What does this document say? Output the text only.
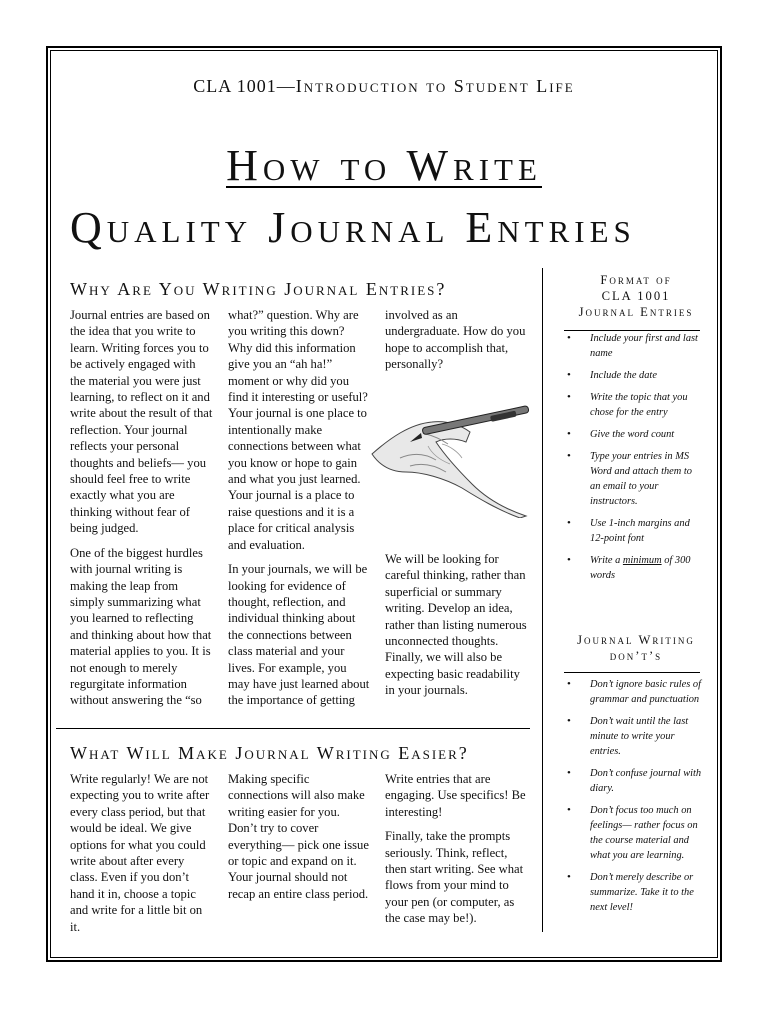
CLA 1001—Introduction to Student Life
How to Write
Quality Journal Entries
Why Are You Writing Journal Entries?

Journal entries are based on the idea that you write to learn. Writing forces you to be actively engaged with the material you were just learning, to reflect on it and write about the result of that reflection. Your journal reflects your personal thoughts and beliefs— you should feel free to write exactly what you are thinking without fear of being judged.

One of the biggest hurdles with journal writing is making the leap from simply summarizing what you learned to reflecting and thinking about how that material applies to you. It is not enough to merely regurgitate information without answering the “so

what?” question. Why are you writing this down? Why did this information give you an “ah ha!” moment or why did you find it interesting or useful? Your journal is one place to intentionally make connections between what you know or hope to gain and what you just learned. Your journal is a place to raise questions and it is a place for critical analysis and evaluation.

In your journals, we will be looking for evidence of thought, reflection, and individual thinking about the connections between class material and your lives. For example, you may have just learned about the importance of getting

involved as an undergraduate. How do you hope to accomplish that, personally?

We will be looking for careful thinking, rather than superficial or summary writing. Develop an idea, rather than listing numerous unconnected thoughts. Finally, we will also be expecting basic readability in your journals.

What Will Make Journal Writing Easier?

Write regularly! We are not expecting you to write after every class period, but that would be ideal. We give options for what you could write about after every class. Even if you don’t hand it in, choose a topic and write for a little bit on it.

Making specific connections will also make writing easier for you. Don’t try to cover everything— pick one issue or topic and expand on it. Your journal should not recap an entire class period.

Write entries that are engaging. Use specifics! Be interesting!

Finally, take the prompts seriously. Think, reflect, then start writing. See what flows from your mind to your pen (or computer, as the case may be!).

Format of
CLA 1001
Journal Entries
• Include your first and last name
• Include the date
• Write the topic that you chose for the entry
• Give the word count
• Type your entries in MS Word and attach them to an email to your instructors.
• Use 1-inch margins and 12-point font
• Write a minimum of 300 words
Journal Writing
don’t’s
• Don’t ignore basic rules of grammar and punctuation
• Don’t wait until the last minute to write your entries.
• Don’t confuse journal with diary.
• Don’t focus too much on feelings— rather focus on the course material and what you are learning.
• Don’t merely describe or summarize. Take it to the next level!
